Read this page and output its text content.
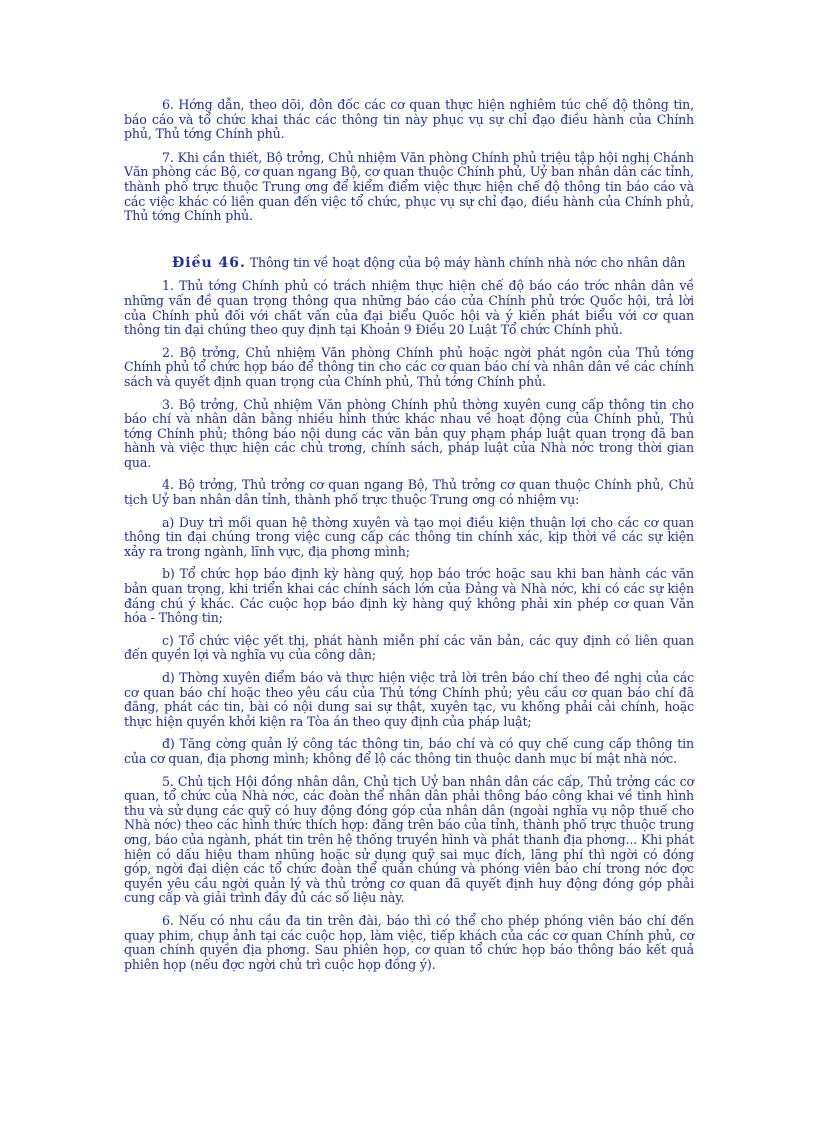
6. Hớng dẫn, theo dõi, đôn đốc các cơ quan thực hiện nghiêm túc chế độ thông tin, báo cáo và tổ chức khai thác các thông tin này phục vụ sự chỉ đạo điều hành của Chính phủ, Thủ tớng Chính phủ.

7. Khi cần thiết, Bộ trởng, Chủ nhiệm Văn phòng Chính phủ triệu tập hội nghị Chánh Văn phòng các Bộ, cơ quan ngang Bộ, cơ quan thuộc Chính phủ, Uỷ ban nhân dân các tỉnh, thành phố trực thuộc Trung ơng để kiểm điểm việc thực hiện chế độ thông tin báo cáo và các việc khác có liên quan đến việc tổ chức, phục vụ sự chỉ đạo, điều hành của Chính phủ, Thủ tớng Chính phủ.

Điều 46. Thông tin về hoạt động của bộ máy hành chính nhà nớc cho nhân dân

1. Thủ tớng Chính phủ có trách nhiệm thực hiện chế độ báo cáo trớc nhân dân về những vấn đề quan trọng thông qua những báo cáo của Chính phủ trớc Quốc hội, trả lời của Chính phủ đối với chất vấn của đại biểu Quốc hội và ý kiến phát biểu với cơ quan thông tin đại chúng theo quy định tại Khoản 9 Điều 20 Luật Tổ chức Chính phủ.

2. Bộ trởng, Chủ nhiệm Văn phòng Chính phủ hoặc ngời phát ngôn của Thủ tớng Chính phủ tổ chức họp báo để thông tin cho các cơ quan báo chí và nhân dân về các chính sách và quyết định quan trọng của Chính phủ, Thủ tớng Chính phủ.

3. Bộ trởng, Chủ nhiệm Văn phòng Chính phủ thờng xuyên cung cấp thông tin cho báo chí và nhân dân bằng nhiều hình thức khác nhau về hoạt động của Chính phủ, Thủ tớng Chính phủ; thông báo nội dung các văn bản quy phạm pháp luật quan trọng đã ban hành và việc thực hiện các chủ trơng, chính sách, pháp luật của Nhà nớc trong thời gian qua.

4. Bộ trởng, Thủ trởng cơ quan ngang Bộ, Thủ trởng cơ quan thuộc Chính phủ, Chủ tịch Uỷ ban nhân dân tỉnh, thành phố trực thuộc Trung ơng có nhiệm vụ:

a) Duy trì mối quan hệ thờng xuyên và tạo mọi điều kiện thuận lợi cho các cơ quan thông tin đại chúng trong việc cung cấp các thông tin chính xác, kịp thời về các sự kiện xảy ra trong ngành, lĩnh vực, địa phơng mình;

b) Tổ chức họp báo định kỳ hàng quý, họp báo trớc hoặc sau khi ban hành các văn bản quan trọng, khi triển khai các chính sách lớn của Đảng và Nhà nớc, khi có các sự kiện đáng chú ý khác. Các cuộc họp báo định kỳ hàng quý không phải xin phép cơ quan Văn hóa - Thông tin;

c) Tổ chức việc yết thị, phát hành miễn phí các văn bản, các quy định có liên quan đến quyền lợi và nghĩa vụ của công dân;

d) Thờng xuyên điểm báo và thực hiện việc trả lời trên báo chí theo đề nghị của các cơ quan báo chí hoặc theo yêu cầu của Thủ tớng Chính phủ; yêu cầu cơ quan báo chí đã đăng, phát các tin, bài có nội dung sai sự thật, xuyên tạc, vu khống phải cải chính, hoặc thực hiện quyền khởi kiện ra Tòa án theo quy định của pháp luật;

đ) Tăng cờng quản lý công tác thông tin, báo chí và có quy chế cung cấp thông tin của cơ quan, địa phơng mình; không để lộ các thông tin thuộc danh mục bí mật nhà nớc.

5. Chủ tịch Hội đồng nhân dân, Chủ tịch Uỷ ban nhân dân các cấp, Thủ trởng các cơ quan, tổ chức của Nhà nớc, các đoàn thể nhân dân phải thông báo công khai về tình hình thu và sử dụng các quỹ có huy động đóng góp của nhân dân (ngoài nghĩa vụ nộp thuế cho Nhà nớc) theo các hình thức thích hợp: đăng trên báo của tỉnh, thành phố trực thuộc trung ơng, báo của ngành, phát tin trên hệ thống truyền hình và phát thanh địa phơng... Khi phát hiện có dấu hiệu tham nhũng hoặc sử dụng quỹ sai mục đích, lãng phí thì ngời có đóng góp, ngời đại diện các tổ chức đoàn thể quần chúng và phóng viên báo chí trong nớc đợc quyền yêu cầu ngời quản lý và thủ trởng cơ quan đã quyết định huy động đóng góp phải cung cấp và giải trình đầy đủ các số liệu này.

6. Nếu có nhu cầu đa tin trên đài, báo thì có thể cho phép phóng viên báo chí đến quay phim, chụp ảnh tại các cuộc họp, làm việc, tiếp khách của các cơ quan Chính phủ, cơ quan chính quyền địa phơng. Sau phiên họp, cơ quan tổ chức họp báo thông báo kết quả phiên họp (nếu đợc ngời chủ trì cuộc họp đồng ý).
